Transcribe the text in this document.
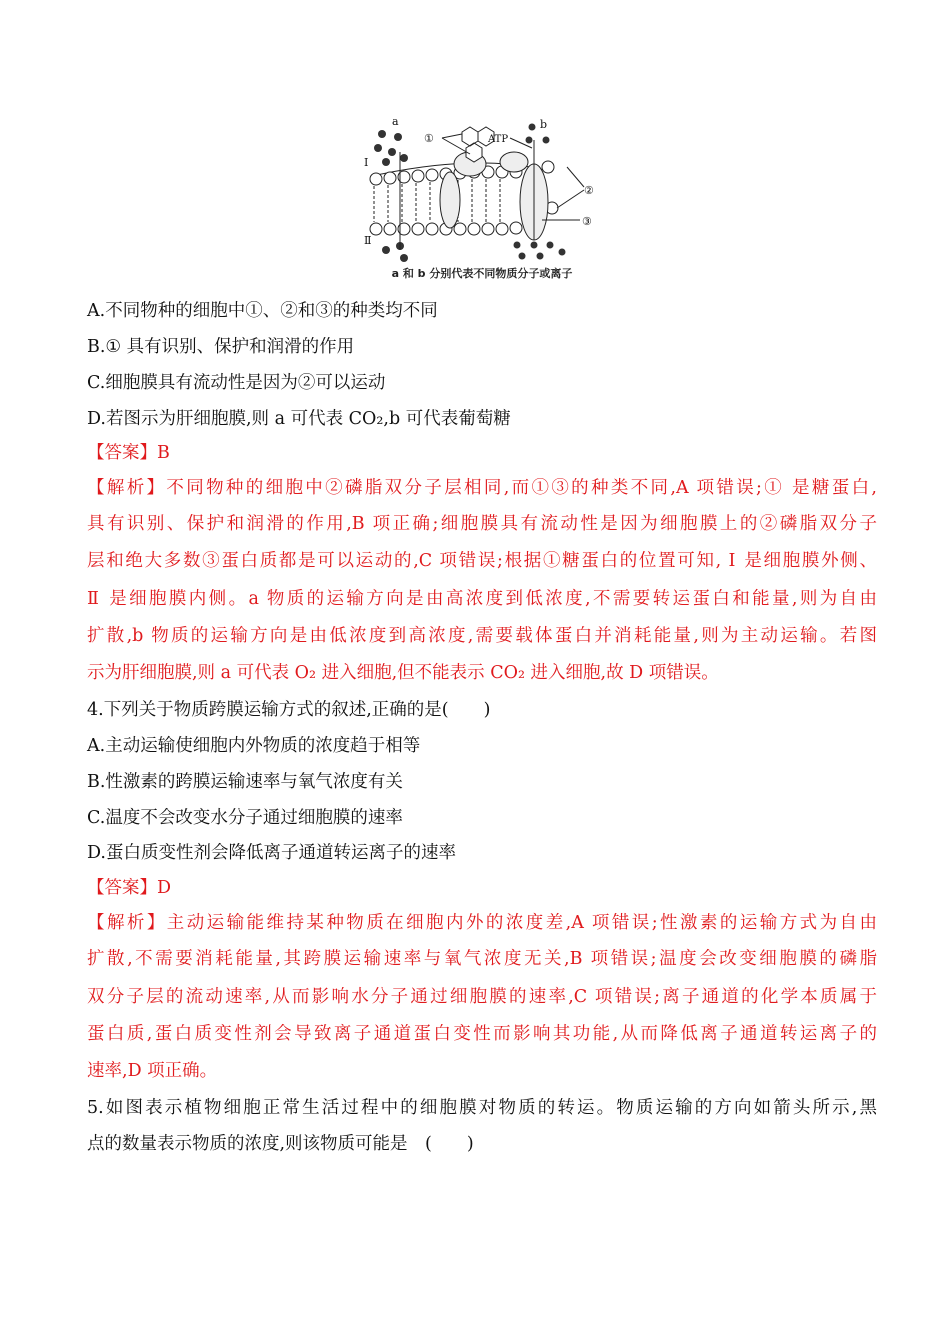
a	b
ATP
①
②
③
Ⅰ
Ⅱ
a 和 b 分别代表不同物质分子或离子
A.不同物种的细胞中①、②和③的种类均不同
B.① 具有识别、保护和润滑的作用
C.细胞膜具有流动性是因为②可以运动
D.若图示为肝细胞膜,则 a 可代表 CO₂,b 可代表葡萄糖
【答案】B
【解析】不同物种的细胞中②磷脂双分子层相同,而①③的种类不同,A 项错误;① 是糖蛋白,
具有识别、保护和润滑的作用,B 项正确;细胞膜具有流动性是因为细胞膜上的②磷脂双分子
层和绝大多数③蛋白质都是可以运动的,C 项错误;根据①糖蛋白的位置可知, Ⅰ 是细胞膜外侧、
Ⅱ 是细胞膜内侧。a 物质的运输方向是由高浓度到低浓度,不需要转运蛋白和能量,则为自由
扩散,b 物质的运输方向是由低浓度到高浓度,需要载体蛋白并消耗能量,则为主动运输。若图
示为肝细胞膜,则 a 可代表 O₂ 进入细胞,但不能表示 CO₂ 进入细胞,故 D 项错误。
4.下列关于物质跨膜运输方式的叙述,正确的是(　　)
A.主动运输使细胞内外物质的浓度趋于相等
B.性激素的跨膜运输速率与氧气浓度有关
C.温度不会改变水分子通过细胞膜的速率
D.蛋白质变性剂会降低离子通道转运离子的速率
【答案】D
【解析】主动运输能维持某种物质在细胞内外的浓度差,A 项错误;性激素的运输方式为自由
扩散,不需要消耗能量,其跨膜运输速率与氧气浓度无关,B 项错误;温度会改变细胞膜的磷脂
双分子层的流动速率,从而影响水分子通过细胞膜的速率,C 项错误;离子通道的化学本质属于
蛋白质,蛋白质变性剂会导致离子通道蛋白变性而影响其功能,从而降低离子通道转运离子的
速率,D 项正确。
5.如图表示植物细胞正常生活过程中的细胞膜对物质的转运。物质运输的方向如箭头所示,黑
点的数量表示物质的浓度,则该物质可能是　(　　)
